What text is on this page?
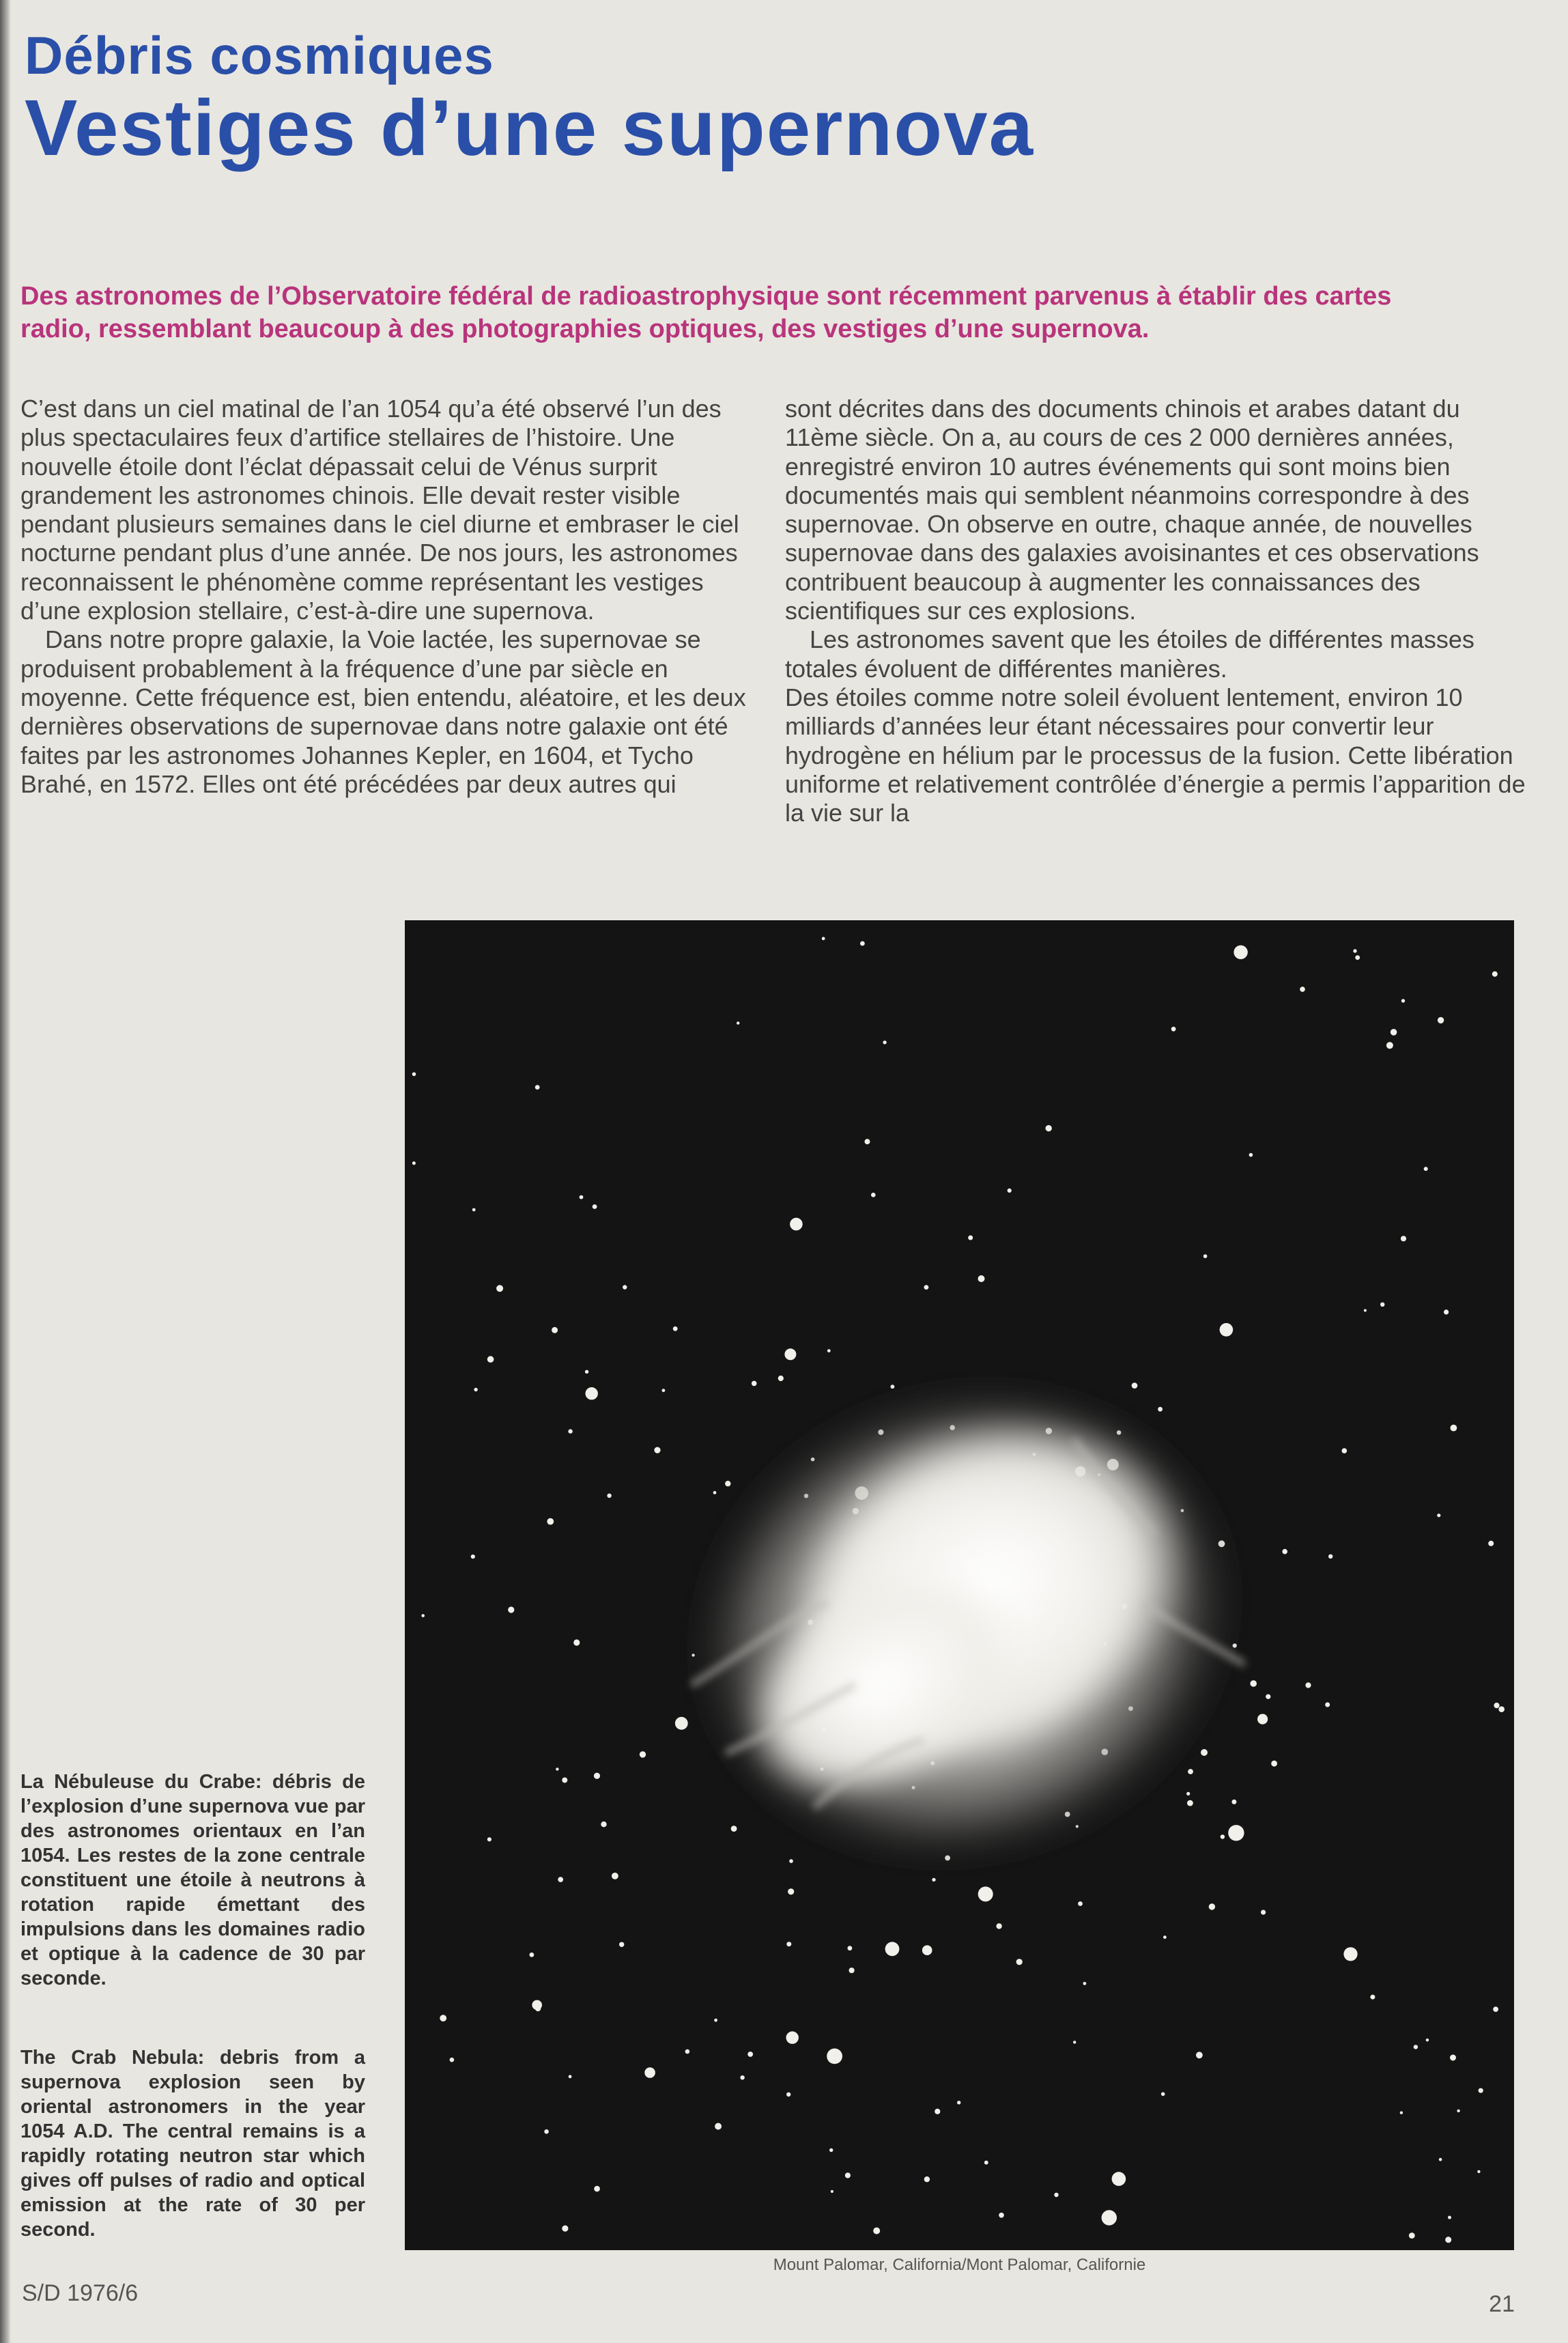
Débris cosmiques
Vestiges d’une supernova
Des astronomes de l’Observatoire fédéral de radioastrophysique sont récemment parvenus à établir des cartes radio, ressemblant beaucoup à des photographies optiques, des vestiges d’une supernova.

C’est dans un ciel matinal de l’an 1054 qu’a été observé l’un des plus spectaculaires feux d’artifice stellaires de l’histoire. Une nouvelle étoile dont l’éclat dépassait celui de Vénus surprit grandement les astronomes chinois. Elle devait rester visible pendant plusieurs semaines dans le ciel diurne et embraser le ciel nocturne pendant plus d’une année. De nos jours, les astronomes reconnaissent le phénomène comme représentant les vestiges d’une explosion stellaire, c’est-à-dire une supernova.

Dans notre propre galaxie, la Voie lactée, les supernovae se produisent probablement à la fréquence d’une par siècle en moyenne. Cette fréquence est, bien entendu, aléatoire, et les deux dernières observations de supernovae dans notre galaxie ont été faites par les astronomes Johannes Kepler, en 1604, et Tycho Brahé, en 1572. Elles ont été précédées par deux autres qui

sont décrites dans des documents chinois et arabes datant du 11ème siècle. On a, au cours de ces 2 000 dernières années, enregistré environ 10 autres événements qui sont moins bien documentés mais qui semblent néanmoins correspondre à des supernovae. On observe en outre, chaque année, de nouvelles supernovae dans des galaxies avoisinantes et ces observations contribuent beaucoup à augmenter les connaissances des scientifiques sur ces explosions.

Les astronomes savent que les étoiles de différentes masses totales évoluent de différentes manières.

Des étoiles comme notre soleil évoluent lentement, environ 10 milliards d’années leur étant nécessaires pour convertir leur hydrogène en hélium par le processus de la fusion. Cette libération uniforme et relativement contrôlée d’énergie a permis l’apparition de la vie sur la

Mount Palomar, California/Mont Palomar, Californie
La Nébuleuse du Crabe: débris de l’explosion d’une supernova vue par des astronomes orientaux en l’an 1054. Les restes de la zone centrale constituent une étoile à neutrons à rotation rapide émettant des impulsions dans les domaines radio et optique à la cadence de 30 par seconde.
The Crab Nebula: debris from a supernova explosion seen by oriental astronomers in the year 1054 A.D. The central remains is a rapidly rotating neutron star which gives off pulses of radio and optical emission at the rate of 30 per second.
S/D 1976/6	21
